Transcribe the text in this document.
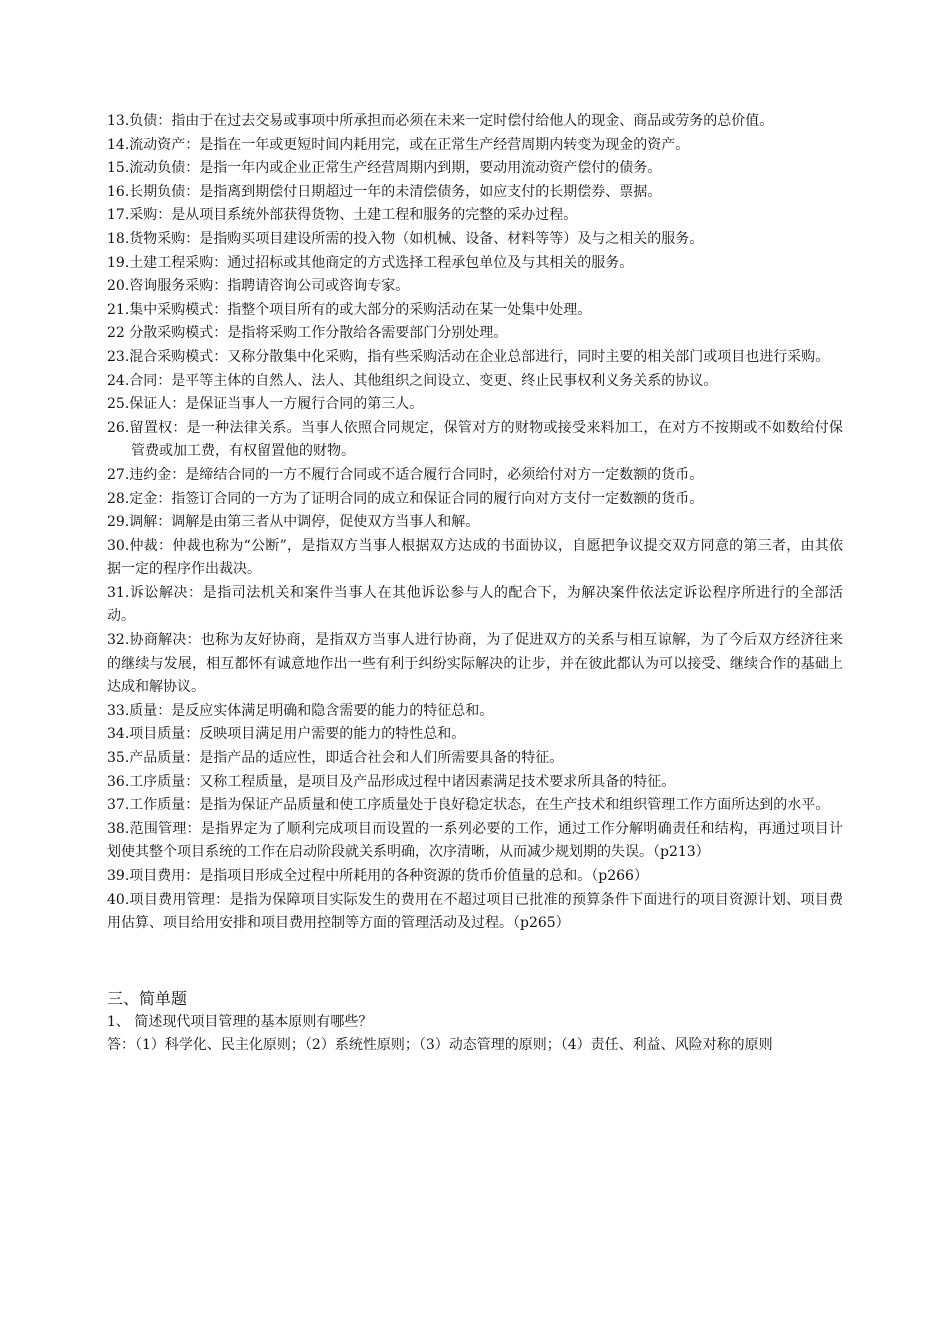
13.负债：指由于在过去交易或事项中所承担而必须在未来一定时偿付给他人的现金、商品或劳务的总价值。

14.流动资产：是指在一年或更短时间内耗用完，或在正常生产经营周期内转变为现金的资产。

15.流动负债：是指一年内或企业正常生产经营周期内到期，要动用流动资产偿付的债务。

16.长期负债：是指离到期偿付日期超过一年的未清偿债务，如应支付的长期偿券、票据。

17.采购：是从项目系统外部获得货物、土建工程和服务的完整的采办过程。

18.货物采购：是指购买项目建设所需的投入物（如机械、设备、材料等等）及与之相关的服务。

19.土建工程采购：通过招标或其他商定的方式选择工程承包单位及与其相关的服务。

20.咨询服务采购：指聘请咨询公司或咨询专家。

21.集中采购模式：指整个项目所有的或大部分的采购活动在某一处集中处理。

22 分散采购模式：是指将采购工作分散给各需要部门分别处理。

23.混合采购模式：又称分散集中化采购，指有些采购活动在企业总部进行，同时主要的相关部门或项目也进行采购。

24.合同：是平等主体的自然人、法人、其他组织之间设立、变更、终止民事权利义务关系的协议。

25.保证人：是保证当事人一方履行合同的第三人。

26.留置权：是一种法律关系。当事人依照合同规定，保管对方的财物或接受来料加工，在对方不按期或不如数给付保管费或加工费，有权留置他的财物。

27.违约金：是缔结合同的一方不履行合同或不适合履行合同时，必须给付对方一定数额的货币。

28.定金：指签订合同的一方为了证明合同的成立和保证合同的履行向对方支付一定数额的货币。

29.调解：调解是由第三者从中调停，促使双方当事人和解。

30.仲裁：仲裁也称为“公断”，是指双方当事人根据双方达成的书面协议，自愿把争议提交双方同意的第三者，由其依据一定的程序作出裁决。

31.诉讼解决：是指司法机关和案件当事人在其他诉讼参与人的配合下，为解决案件依法定诉讼程序所进行的全部活动。

32.协商解决：也称为友好协商，是指双方当事人进行协商，为了促进双方的关系与相互谅解，为了今后双方经济往来的继续与发展，相互都怀有诚意地作出一些有利于纠纷实际解决的让步，并在彼此都认为可以接受、继续合作的基础上达成和解协议。

33.质量：是反应实体满足明确和隐含需要的能力的特征总和。

34.项目质量：反映项目满足用户需要的能力的特性总和。

35.产品质量：是指产品的适应性，即适合社会和人们所需要具备的特征。

36.工序质量：又称工程质量，是项目及产品形成过程中诸因素满足技术要求所具备的特征。

37.工作质量：是指为保证产品质量和使工序质量处于良好稳定状态，在生产技术和组织管理工作方面所达到的水平。

38.范围管理：是指界定为了顺利完成项目而设置的一系列必要的工作，通过工作分解明确责任和结构，再通过项目计划使其整个项目系统的工作在启动阶段就关系明确，次序清晰，从而减少规划期的失误。（p213）

39.项目费用：是指项目形成全过程中所耗用的各种资源的货币价值量的总和。（p266）

40.项目费用管理：是指为保障项目实际发生的费用在不超过项目已批准的预算条件下面进行的项目资源计划、项目费用估算、项目给用安排和项目费用控制等方面的管理活动及过程。（p265）

三、简单题

1、 简述现代项目管理的基本原则有哪些？

答：（1）科学化、民主化原则；（2）系统性原则；（3）动态管理的原则；（4）责任、利益、风险对称的原则
